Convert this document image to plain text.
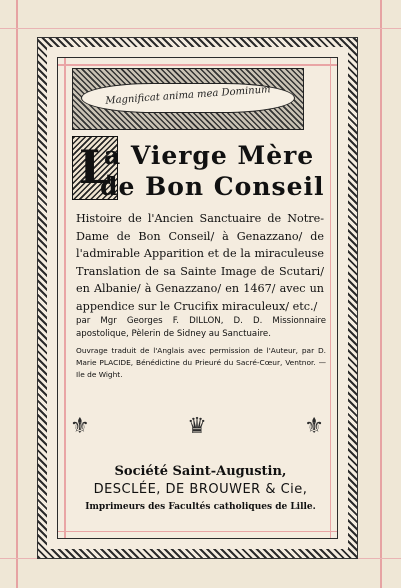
Magnificat anima mea Dominum
L
a Vierge Mère
de Bon Conseil
Histoire de l'Ancien Sanctuaire de Notre-Dame de Bon Conseil/ à Genazzano/ de l'admirable Apparition et de la miraculeuse Translation de sa Sainte Image de Scutari/ en Albanie/ à Genazzano/ en 1467/ avec un appendice sur le Crucifix miraculeux/ etc./
par Mgr Georges F. DILLON, D. D. Missionnaire apostolique, Pèlerin de Sidney au Sanctuaire.
Ouvrage traduit de l'Anglais avec permission de l'Auteur, par D. Marie PLACIDE, Bénédictine du Prieuré du Sacré-Cœur, Ventnor. — Ile de Wight.
⚜	♛	⚜
Société Saint-Augustin,
DESCLÉE, DE BROUWER & Cie,
Imprimeurs des Facultés catholiques de Lille.
